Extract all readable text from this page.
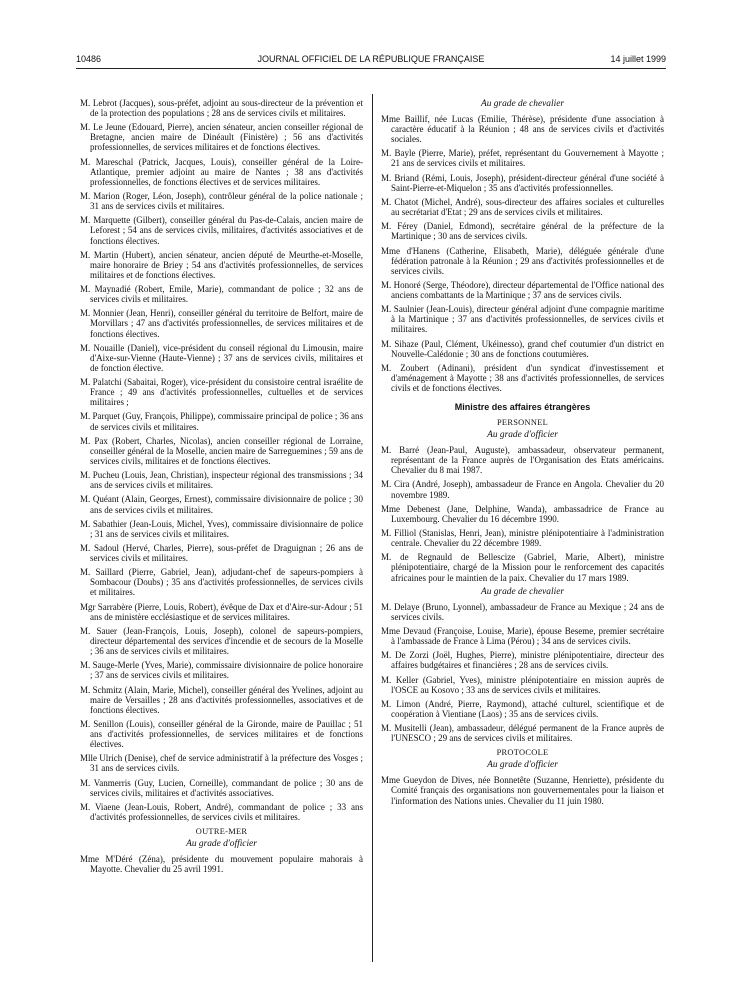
10486	JOURNAL OFFICIEL DE LA RÉPUBLIQUE FRANÇAISE	14 juillet 1999

M. Lebrot (Jacques), sous-préfet, adjoint au sous-directeur de la prévention et de la protection des populations ; 28 ans de services civils et militaires.

M. Le Jeune (Edouard, Pierre), ancien sénateur, ancien conseiller régional de Bretagne, ancien maire de Dinéault (Finistère) ; 56 ans d'activités professionnelles, de services militaires et de fonctions électives.

M. Mareschal (Patrick, Jacques, Louis), conseiller général de la Loire-Atlantique, premier adjoint au maire de Nantes ; 38 ans d'activités professionnelles, de fonctions électives et de services militaires.

M. Marion (Roger, Léon, Joseph), contrôleur général de la police nationale ; 31 ans de services civils et militaires.

M. Marquette (Gilbert), conseiller général du Pas-de-Calais, ancien maire de Leforest ; 54 ans de services civils, militaires, d'activités associatives et de fonctions électives.

M. Martin (Hubert), ancien sénateur, ancien député de Meurthe-et-Moselle, maire honoraire de Briey ; 54 ans d'activités professionnelles, de services militaires et de fonctions électives.

M. Maynadié (Robert, Emile, Marie), commandant de police ; 32 ans de services civils et militaires.

M. Monnier (Jean, Henri), conseiller général du territoire de Belfort, maire de Morvillars ; 47 ans d'activités professionnelles, de services militaires et de fonctions électives.

M. Nouaille (Daniel), vice-président du conseil régional du Limousin, maire d'Aixe-sur-Vienne (Haute-Vienne) ; 37 ans de services civils, militaires et de fonction élective.

M. Palatchi (Sabaitai, Roger), vice-président du consistoire central israélite de France ; 49 ans d'activités professionnelles, cultuelles et de services militaires ;

M. Parquet (Guy, François, Philippe), commissaire principal de police ; 36 ans de services civils et militaires.

M. Pax (Robert, Charles, Nicolas), ancien conseiller régional de Lorraine, conseiller général de la Moselle, ancien maire de Sarreguemines ; 59 ans de services civils, militaires et de fonctions électives.

M. Pucheu (Louis, Jean, Christian), inspecteur régional des transmissions ; 34 ans de services civils et militaires.

M. Quéant (Alain, Georges, Ernest), commissaire divisionnaire de police ; 30 ans de services civils et militaires.

M. Sabathier (Jean-Louis, Michel, Yves), commissaire divisionnaire de police ; 31 ans de services civils et militaires.

M. Sadoul (Hervé, Charles, Pierre), sous-préfet de Draguignan ; 26 ans de services civils et militaires.

M. Saillard (Pierre, Gabriel, Jean), adjudant-chef de sapeurs-pompiers à Sombacour (Doubs) ; 35 ans d'activités professionnelles, de services civils et militaires.

Mgr Sarrabère (Pierre, Louis, Robert), évêque de Dax et d'Aire-sur-Adour ; 51 ans de ministère ecclésiastique et de services militaires.

M. Sauer (Jean-François, Louis, Joseph), colonel de sapeurs-pompiers, directeur départemental des services d'incendie et de secours de la Moselle ; 36 ans de services civils et militaires.

M. Sauge-Merle (Yves, Marie), commissaire divisionnaire de police honoraire ; 37 ans de services civils et militaires.

M. Schmitz (Alain, Marie, Michel), conseiller général des Yvelines, adjoint au maire de Versailles ; 28 ans d'activités professionnelles, associatives et de fonctions électives.

M. Senillon (Louis), conseiller général de la Gironde, maire de Pauillac ; 51 ans d'activités professionnelles, de services militaires et de fonctions électives.

Mlle Ulrich (Denise), chef de service administratif à la préfecture des Vosges ; 31 ans de services civils.

M. Vanmerris (Guy, Lucien, Corneille), commandant de police ; 30 ans de services civils, militaires et d'activités associatives.

M. Viaene (Jean-Louis, Robert, André), commandant de police ; 33 ans d'activités professionnelles, de services civils et militaires.

OUTRE-MER
Au grade d'officier

Mme M'Déré (Zéna), présidente du mouvement populaire mahorais à Mayotte. Chevalier du 25 avril 1991.

Au grade de chevalier

Mme Baillif, née Lucas (Emilie, Thérèse), présidente d'une association à caractère éducatif à la Réunion ; 48 ans de services civils et d'activités sociales.

M. Bayle (Pierre, Marie), préfet, représentant du Gouvernement à Mayotte ; 21 ans de services civils et militaires.

M. Briand (Rémi, Louis, Joseph), président-directeur général d'une société à Saint-Pierre-et-Miquelon ; 35 ans d'activités professionnelles.

M. Chatot (Michel, André), sous-directeur des affaires sociales et culturelles au secrétariat d'Etat ; 29 ans de services civils et militaires.

M. Férey (Daniel, Edmond), secrétaire général de la préfecture de la Martinique ; 30 ans de services civils.

Mme d'Hanens (Catherine, Elisabeth, Marie), déléguée générale d'une fédération patronale à la Réunion ; 29 ans d'activités professionnelles et de services civils.

M. Honoré (Serge, Théodore), directeur départemental de l'Office national des anciens combattants de la Martinique ; 37 ans de services civils.

M. Saulnier (Jean-Louis), directeur général adjoint d'une compagnie maritime à la Martinique ; 37 ans d'activités professionnelles, de services civils et militaires.

M. Sihaze (Paul, Clément, Ukéinesso), grand chef coutumier d'un district en Nouvelle-Calédonie ; 30 ans de fonctions coutumières.

M. Zoubert (Adinani), président d'un syndicat d'investissement et d'aménagement à Mayotte ; 38 ans d'activités professionnelles, de services civils et de fonctions électives.

Ministre des affaires étrangères
PERSONNEL
Au grade d'officier

M. Barré (Jean-Paul, Auguste), ambassadeur, observateur permanent, représentant de la France auprès de l'Organisation des Etats américains. Chevalier du 8 mai 1987.

M. Cira (André, Joseph), ambassadeur de France en Angola. Chevalier du 20 novembre 1989.

Mme Debenest (Jane, Delphine, Wanda), ambassadrice de France au Luxembourg. Chevalier du 16 décembre 1990.

M. Filliol (Stanislas, Henri, Jean), ministre plénipotentiaire à l'administration centrale. Chevalier du 22 décembre 1989.

M. de Regnauld de Bellescize (Gabriel, Marie, Albert), ministre plénipotentiaire, chargé de la Mission pour le renforcement des capacités africaines pour le maintien de la paix. Chevalier du 17 mars 1989.

Au grade de chevalier

M. Delaye (Bruno, Lyonnel), ambassadeur de France au Mexique ; 24 ans de services civils.

Mme Devaud (Françoise, Louise, Marie), épouse Beseme, premier secrétaire à l'ambassade de France à Lima (Pérou) ; 34 ans de services civils.

M. De Zorzi (Joël, Hughes, Pierre), ministre plénipotentiaire, directeur des affaires budgétaires et financières ; 28 ans de services civils.

M. Keller (Gabriel, Yves), ministre plénipotentiaire en mission auprès de l'OSCE au Kosovo ; 33 ans de services civils et militaires.

M. Limon (André, Pierre, Raymond), attaché culturel, scientifique et de coopération à Vientiane (Laos) ; 35 ans de services civils.

M. Musitelli (Jean), ambassadeur, délégué permanent de la France auprès de l'UNESCO ; 29 ans de services civils et militaires.

PROTOCOLE
Au grade d'officier

Mme Gueydon de Dives, née Bonnetête (Suzanne, Henriette), présidente du Comité français des organisations non gouvernementales pour la liaison et l'information des Nations unies. Chevalier du 11 juin 1980.
